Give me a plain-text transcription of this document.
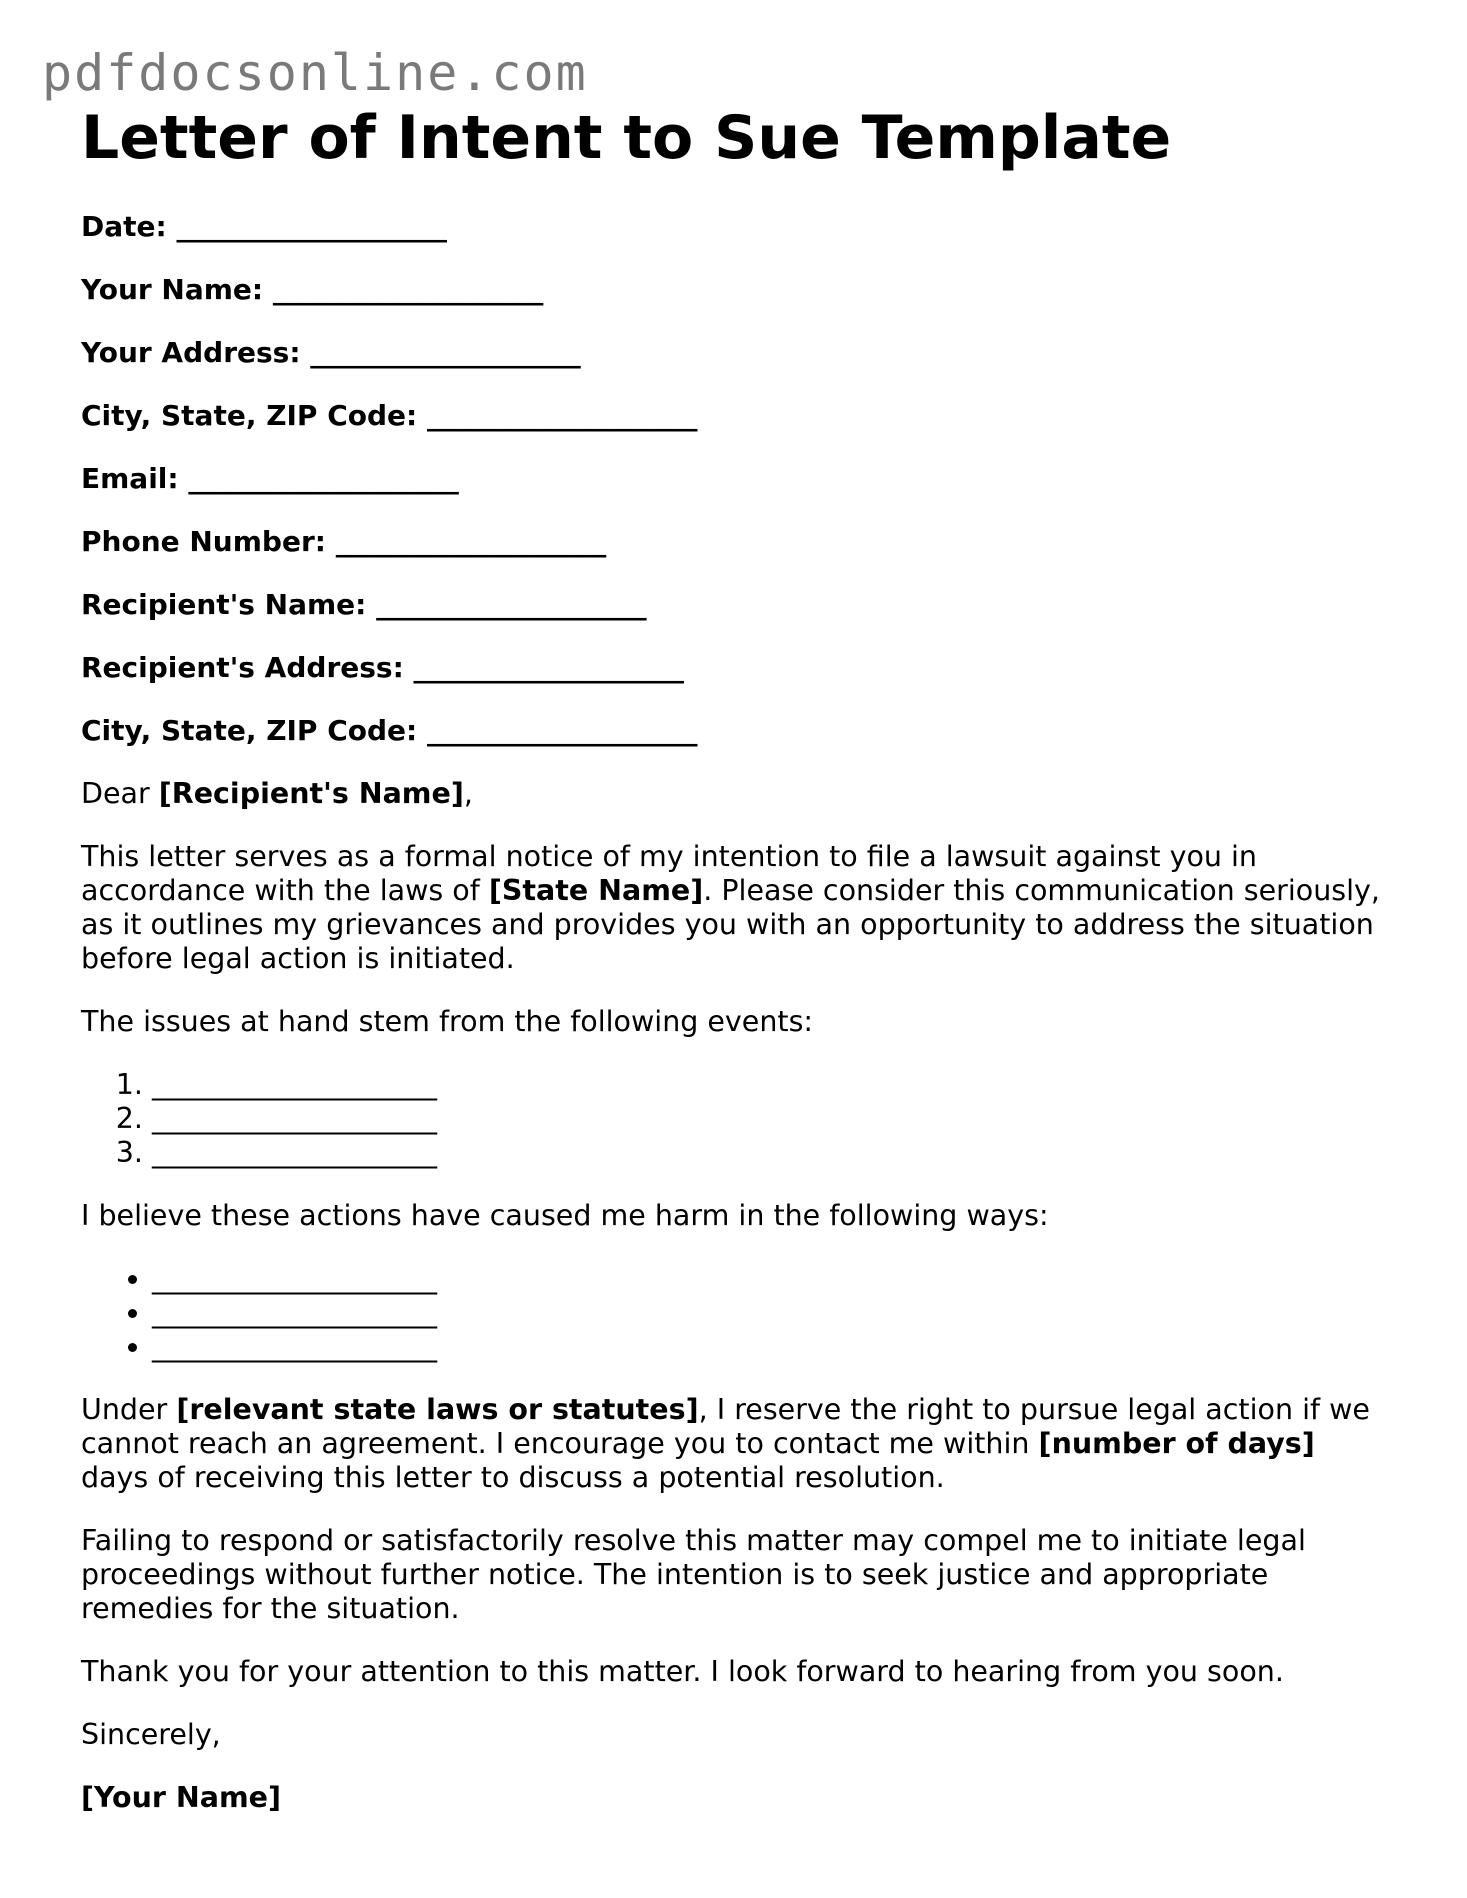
pdfdocsonline.com
Letter of Intent to Sue Template
Date: ____________________
Your Name: ____________________
Your Address: ____________________
City, State, ZIP Code: ____________________
Email: ____________________
Phone Number: ____________________
Recipient's Name: ____________________
Recipient's Address: ____________________
City, State, ZIP Code: ____________________

Dear [Recipient's Name],

This letter serves as a formal notice of my intention to file a lawsuit against you in accordance with the laws of [State Name]. Please consider this communication seriously, as it outlines my grievances and provides you with an opportunity to address the situation before legal action is initiated.

The issues at hand stem from the following events:

1. ____________________
2. ____________________
3. ____________________

I believe these actions have caused me harm in the following ways:

• ____________________
• ____________________
• ____________________

Under [relevant state laws or statutes], I reserve the right to pursue legal action if we cannot reach an agreement. I encourage you to contact me within [number of days] days of receiving this letter to discuss a potential resolution.

Failing to respond or satisfactorily resolve this matter may compel me to initiate legal proceedings without further notice. The intention is to seek justice and appropriate remedies for the situation.

Thank you for your attention to this matter. I look forward to hearing from you soon.

Sincerely,

[Your Name]
